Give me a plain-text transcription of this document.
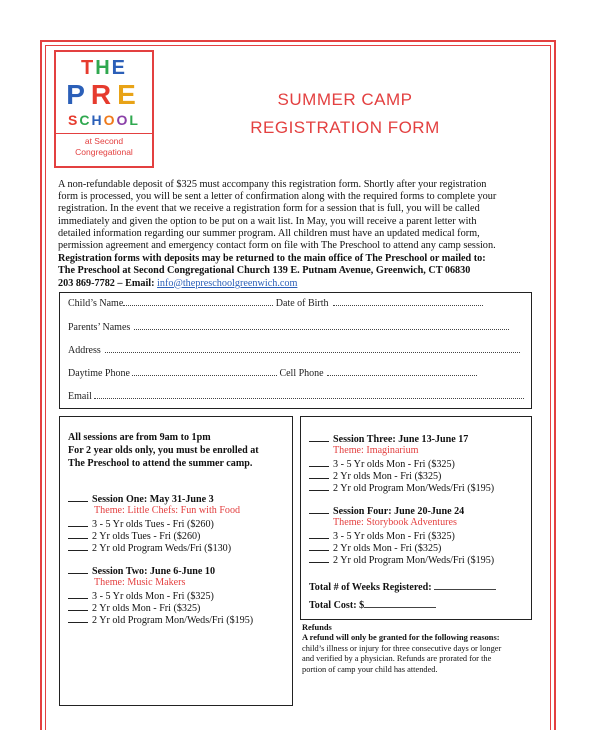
THE
PRE
SCHOOL
at Second
Congregational
SUMMER CAMP
REGISTRATION FORM
A non-refundable deposit of $325 must accompany this registration form. Shortly after your registration
form is processed, you will be sent a letter of confirmation along with the required forms to complete your
registration. In the event that we receive a registration form for a session that is full, you will be called
immediately and given the option to be put on a wait list. In May, you will receive a parent letter with
detailed information regarding our summer program. All children must have an updated medical form,
permission agreement and emergency contact form on file with The Preschool to attend any camp session.
Registration forms with deposits may be returned to the main office of The Preschool or mailed to:
The Preschool at Second Congregational Church 139 E. Putnam Avenue, Greenwich, CT 06830
203 869-7782 – Email: info@thepreschoolgreenwich.com
Child’s Name	Date of Birth
Parents’ Names
Address
Daytime Phone	Cell Phone
Email
All sessions are from 9am to 1pm
For 2 year olds only, you must be enrolled at
The Preschool to attend the summer camp.
Session One: May 31-June 3
Theme: Little Chefs: Fun with Food
3 - 5 Yr olds Tues - Fri ($260)
2 Yr olds Tues - Fri ($260)
2 Yr old Program Weds/Fri ($130)
Session Two: June 6-June 10
Theme: Music Makers
3 - 5 Yr olds Mon - Fri ($325)
2 Yr olds Mon - Fri ($325)
2 Yr old Program Mon/Weds/Fri ($195)
Session Three: June 13-June 17
Theme: Imaginarium
3 - 5 Yr olds Mon - Fri ($325)
2 Yr olds Mon - Fri ($325)
2 Yr old Program Mon/Weds/Fri ($195)
Session Four: June 20-June 24
Theme: Storybook Adventures
3 - 5 Yr olds Mon - Fri ($325)
2 Yr olds Mon - Fri ($325)
2 Yr old Program Mon/Weds/Fri ($195)
Total # of Weeks Registered:
Total Cost: $
Refunds
A refund will only be granted for the following reasons:
child’s illness or injury for three consecutive days or longer
and verified by a physician. Refunds are prorated for the
portion of camp your child has attended.
